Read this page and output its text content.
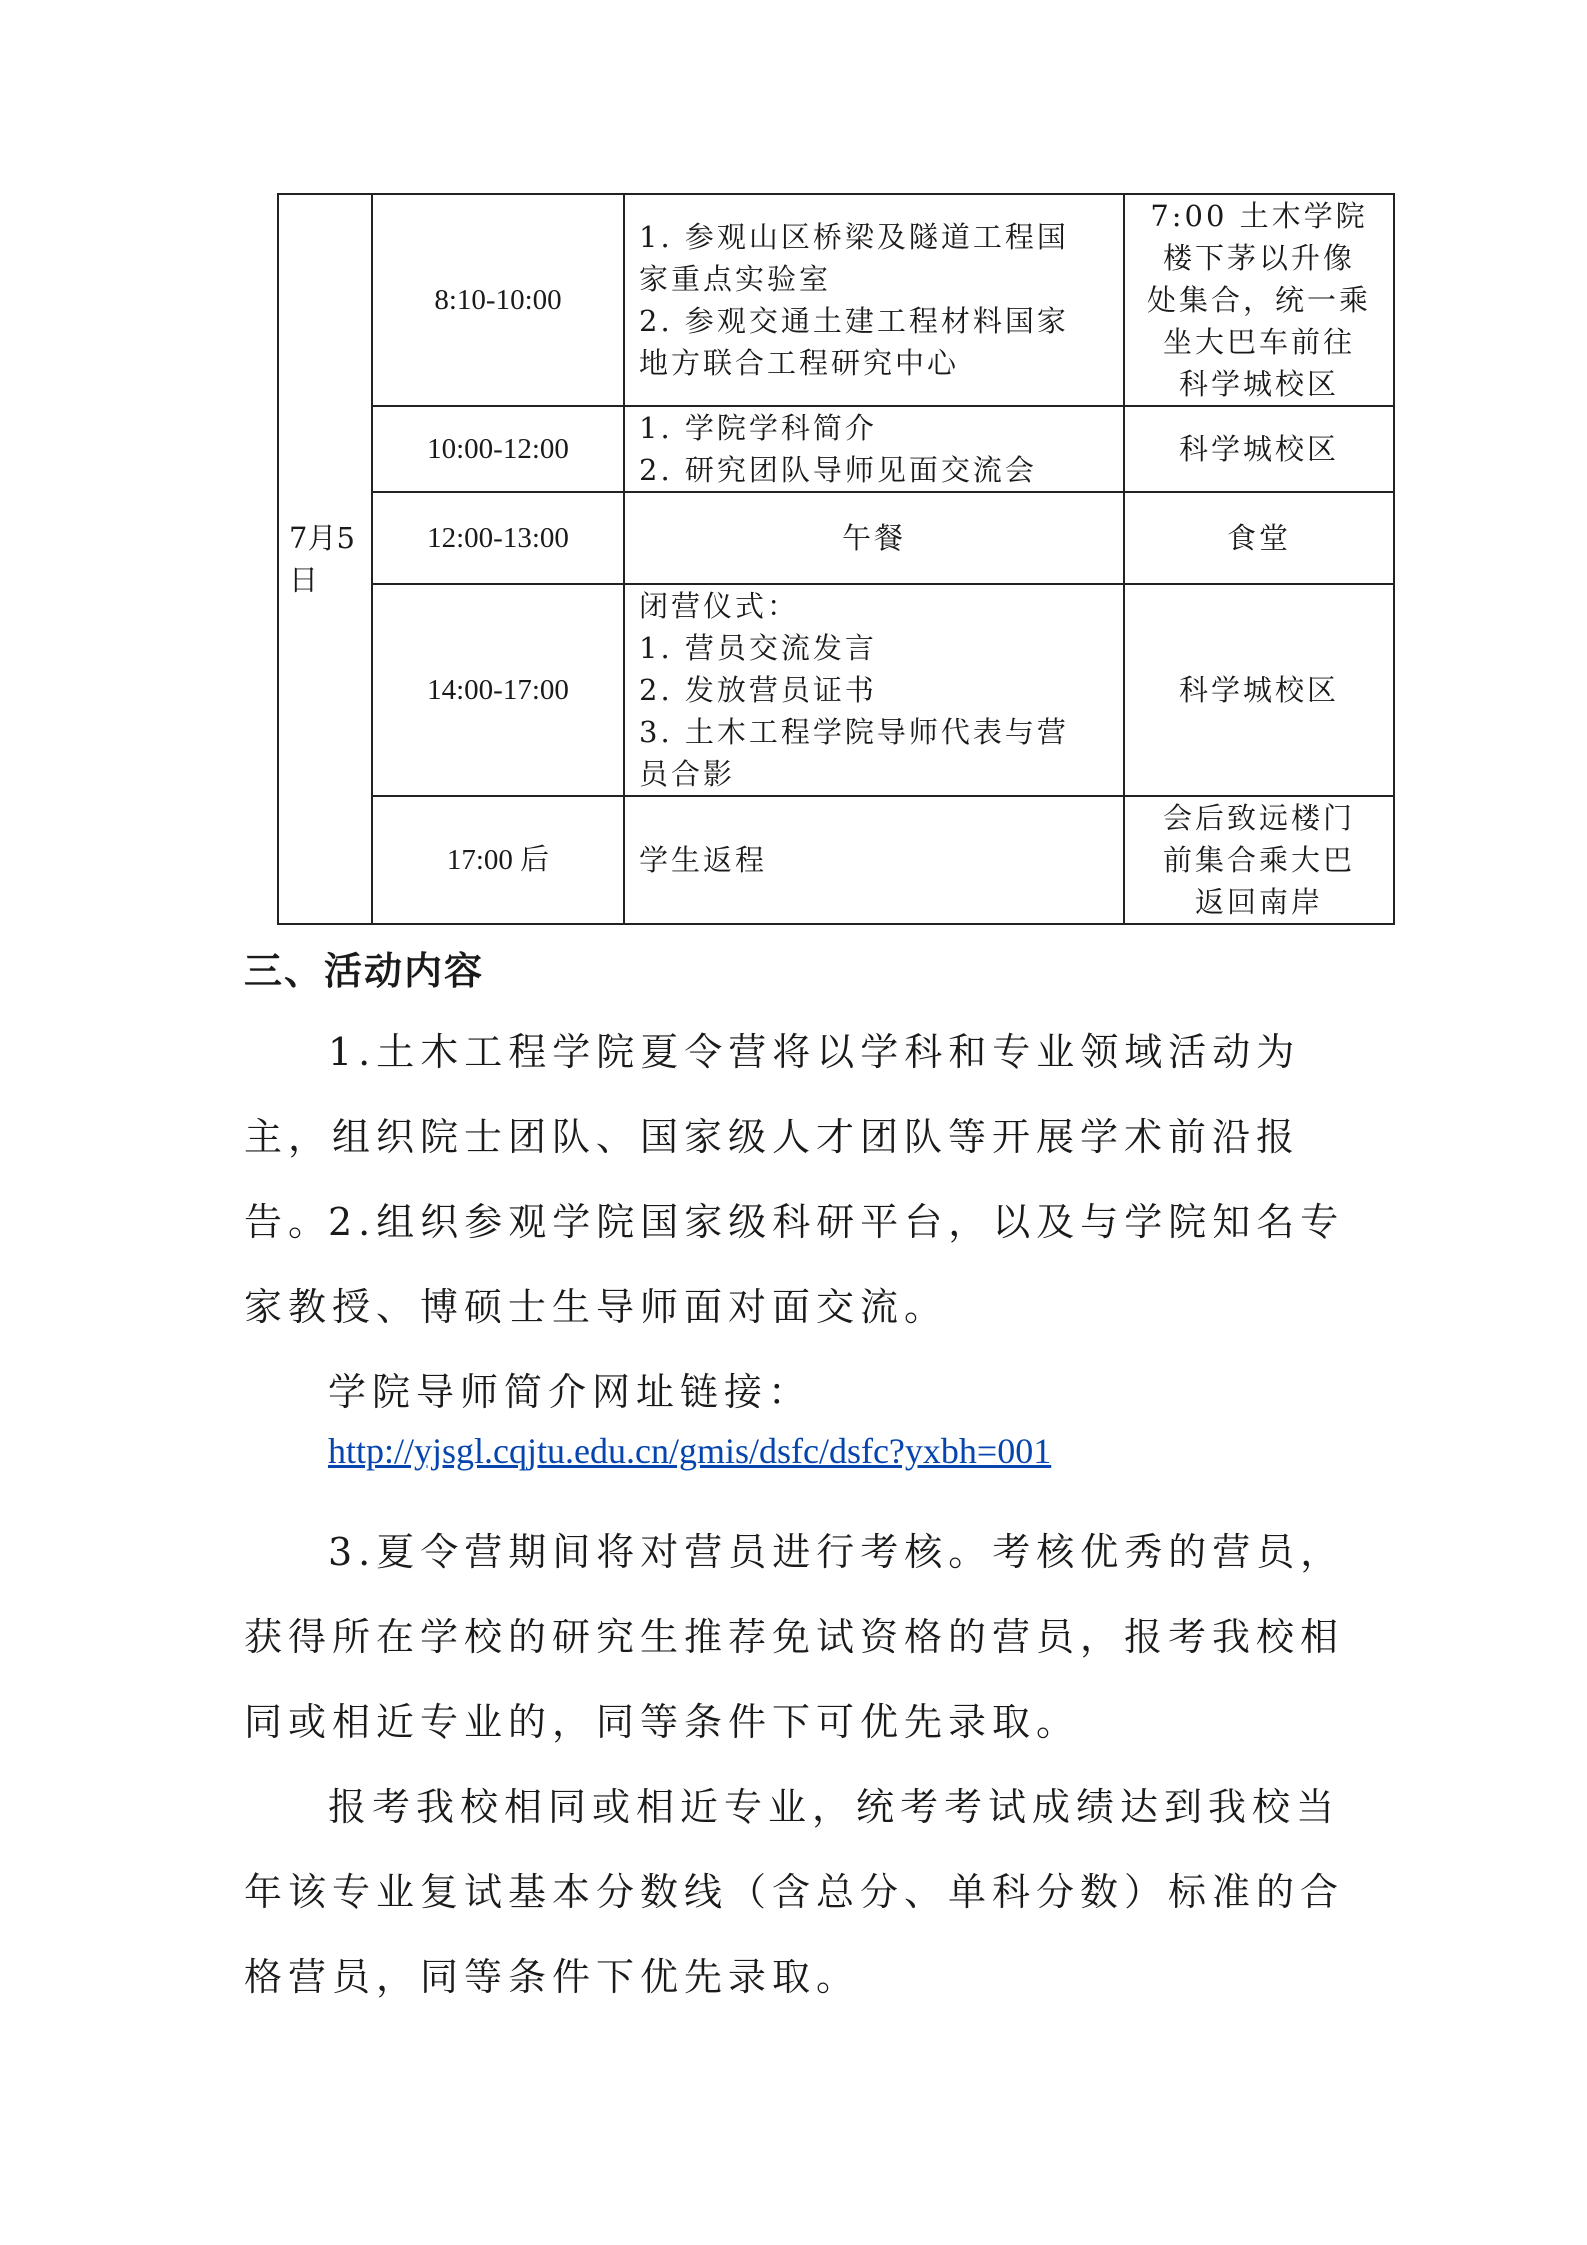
7月5日	8:10-10:00	1. 参观山区桥梁及隧道工程国
家重点实验室
2. 参观交通土建工程材料国家
地方联合工程研究中心	7:00 土木学院
楼下茅以升像
处集合，统一乘
坐大巴车前往
科学城校区

	10:00-12:00	1. 学院学科简介
2. 研究团队导师见面交流会	科学城校区

	12:00-13:00	午餐	食堂

	14:00-17:00	闭营仪式：
1. 营员交流发言
2. 发放营员证书
3. 土木工程学院导师代表与营
员合影	科学城校区

	17:00 后	学生返程	会后致远楼门
前集合乘大巴
返回南岸
三、活动内容
1.土木工程学院夏令营将以学科和专业领域活动为主，组织院士团队、国家级人才团队等开展学术前沿报告。
2.组织参观学院国家级科研平台，以及与学院知名专家教授、博硕士生导师面对面交流。
学院导师简介网址链接：
http://yjsgl.cqjtu.edu.cn/gmis/dsfc/dsfc?yxbh=001
3.夏令营期间将对营员进行考核。考核优秀的营员，获得所在学校的研究生推荐免试资格的营员，报考我校相同或相近专业的，同等条件下可优先录取。
报考我校相同或相近专业，统考考试成绩达到我校当年该专业复试基本分数线（含总分、单科分数）标准的合格营员，同等条件下优先录取。
